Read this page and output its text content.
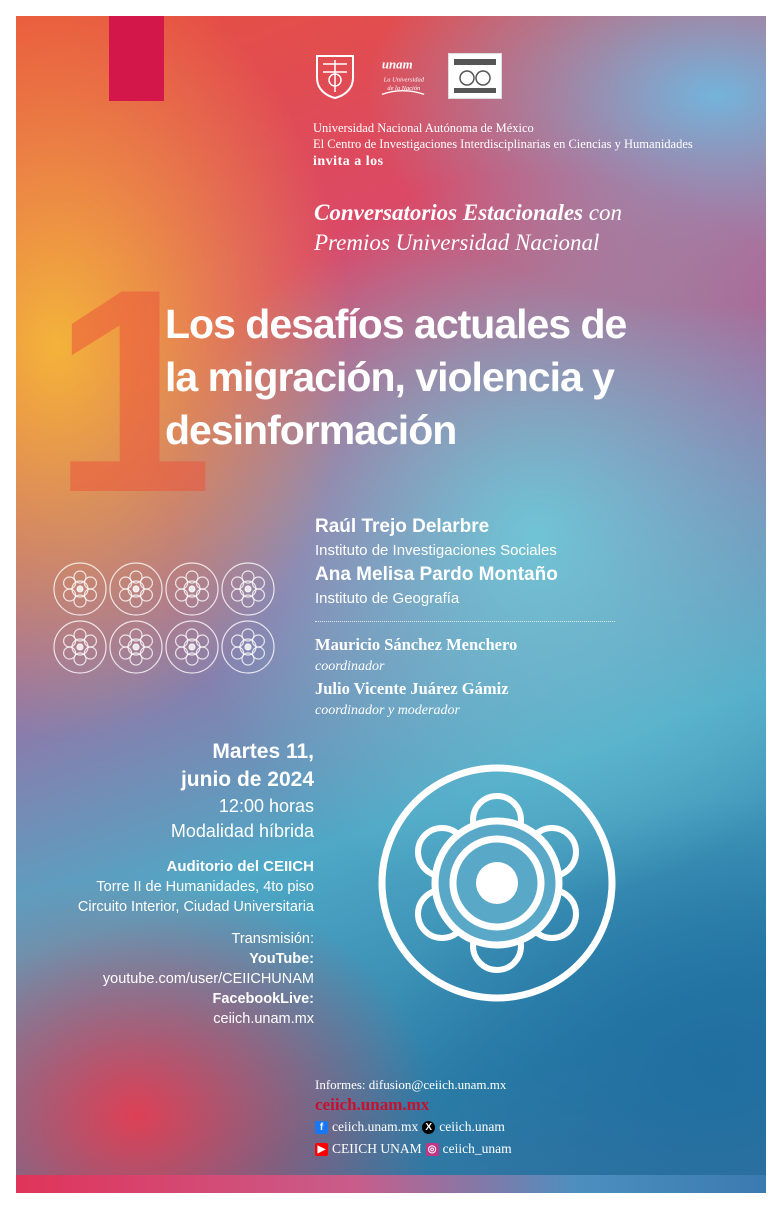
unam
La Universidad
de la Nación
Universidad Nacional Autónoma de México
El Centro de Investigaciones Interdisciplinarias en Ciencias y Humanidades
invita a los
Conversatorios Estacionales con
Premios Universidad Nacional
1
Los desafíos actuales de
la migración, violencia y
desinformación
Raúl Trejo Delarbre
Instituto de Investigaciones Sociales
Ana Melisa Pardo Montaño
Instituto de Geografía
Mauricio Sánchez Menchero
coordinador
Julio Vicente Juárez Gámiz
coordinador y moderador
Martes 11,
junio de 2024
12:00 horas
Modalidad híbrida
Auditorio del CEIICH
Torre II de Humanidades, 4to piso
Circuito Interior, Ciudad Universitaria
Transmisión:
YouTube:
youtube.com/user/CEIICHUNAM
FacebookLive:
ceiich.unam.mx
Informes: difusion@ceiich.unam.mx
ceiich.unam.mx
f ceiich.unam.mx X ceiich.unam
▶ CEIICH UNAM ◎ ceiich_unam
